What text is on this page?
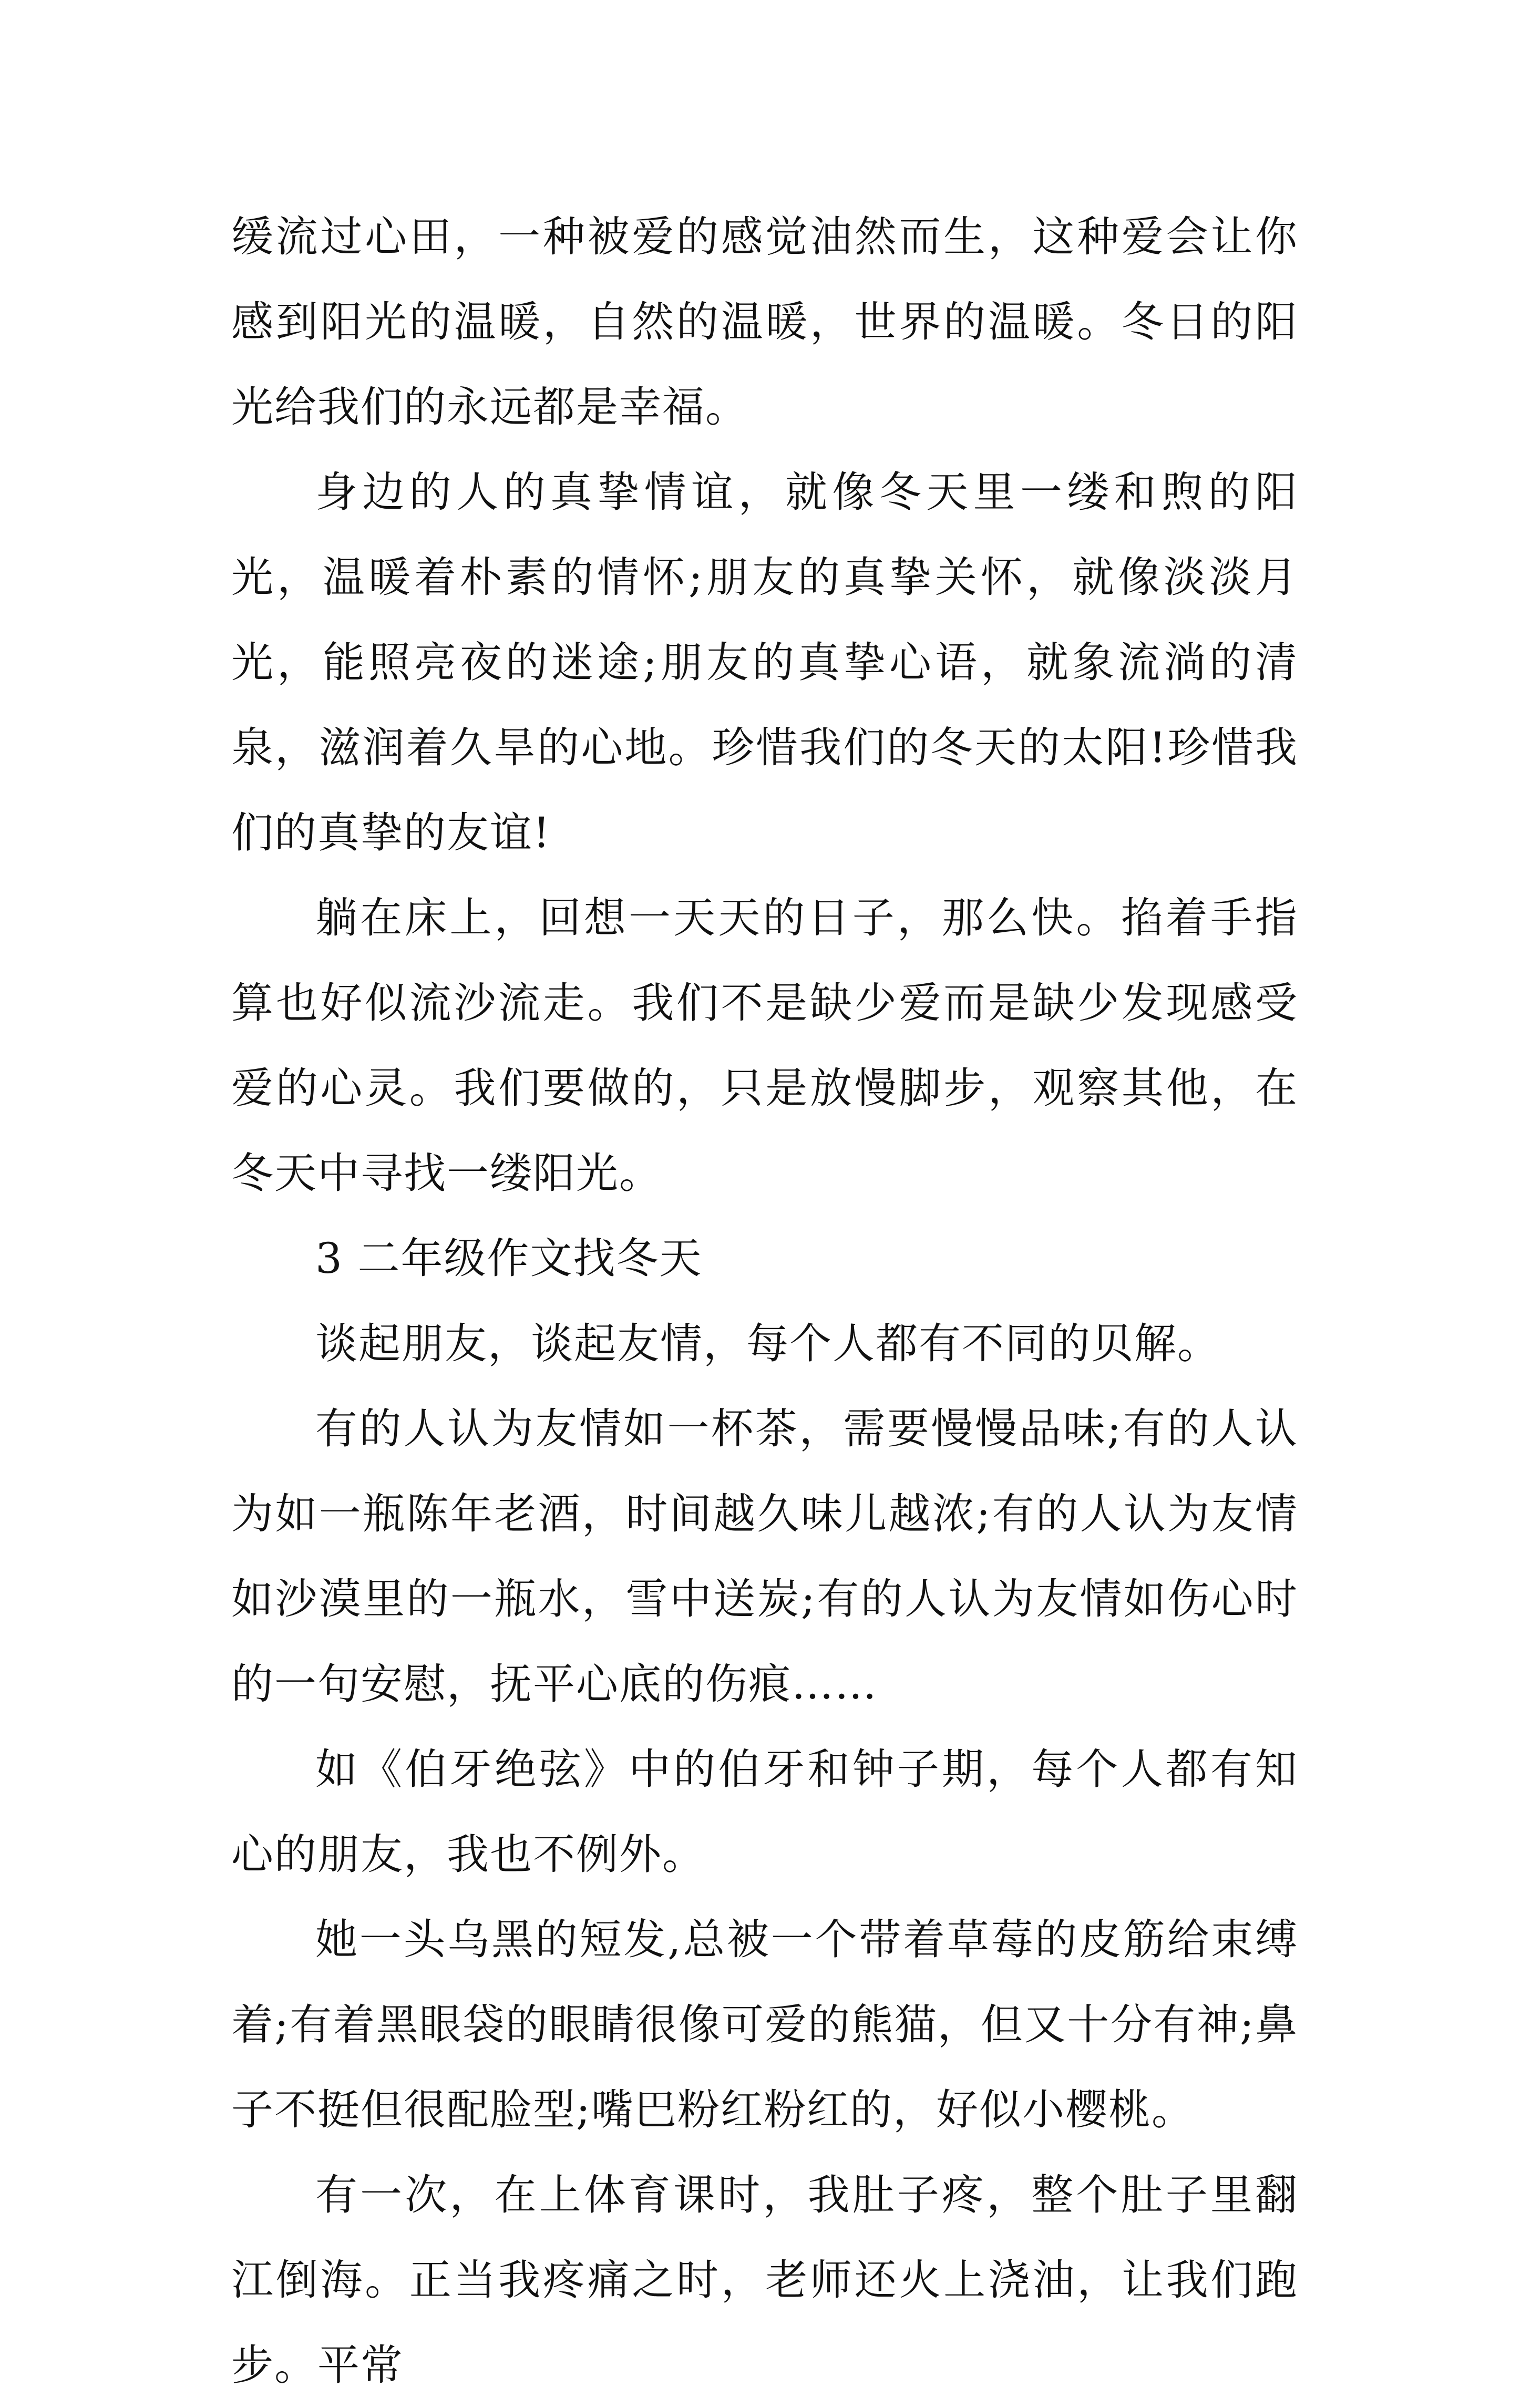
缓流过心田，一种被爱的感觉油然而生，这种爱会让你感到阳光的温暖，自然的温暖，世界的温暖。冬日的阳光给我们的永远都是幸福。

身边的人的真挚情谊，就像冬天里一缕和煦的阳光，温暖着朴素的情怀;朋友的真挚关怀，就像淡淡月光，能照亮夜的迷途;朋友的真挚心语，就象流淌的清泉，滋润着久旱的心地。珍惜我们的冬天的太阳!珍惜我们的真挚的友谊!

躺在床上，回想一天天的日子，那么快。掐着手指算也好似流沙流走。我们不是缺少爱而是缺少发现感受爱的心灵。我们要做的，只是放慢脚步，观察其他，在冬天中寻找一缕阳光。

3 二年级作文找冬天

谈起朋友，谈起友情，每个人都有不同的贝解。

有的人认为友情如一杯茶，需要慢慢品味;有的人认为如一瓶陈年老酒，时间越久味儿越浓;有的人认为友情如沙漠里的一瓶水，雪中送炭;有的人认为友情如伤心时的一句安慰，抚平心底的伤痕……

如《伯牙绝弦》中的伯牙和钟子期，每个人都有知心的朋友，我也不例外。

她一头乌黑的短发,总被一个带着草莓的皮筋给束缚着;有着黑眼袋的眼睛很像可爱的熊猫，但又十分有神;鼻子不挺但很配脸型;嘴巴粉红粉红的，好似小樱桃。

有一次，在上体育课时，我肚子疼，整个肚子里翻江倒海。正当我疼痛之时，老师还火上浇油，让我们跑步。平常
